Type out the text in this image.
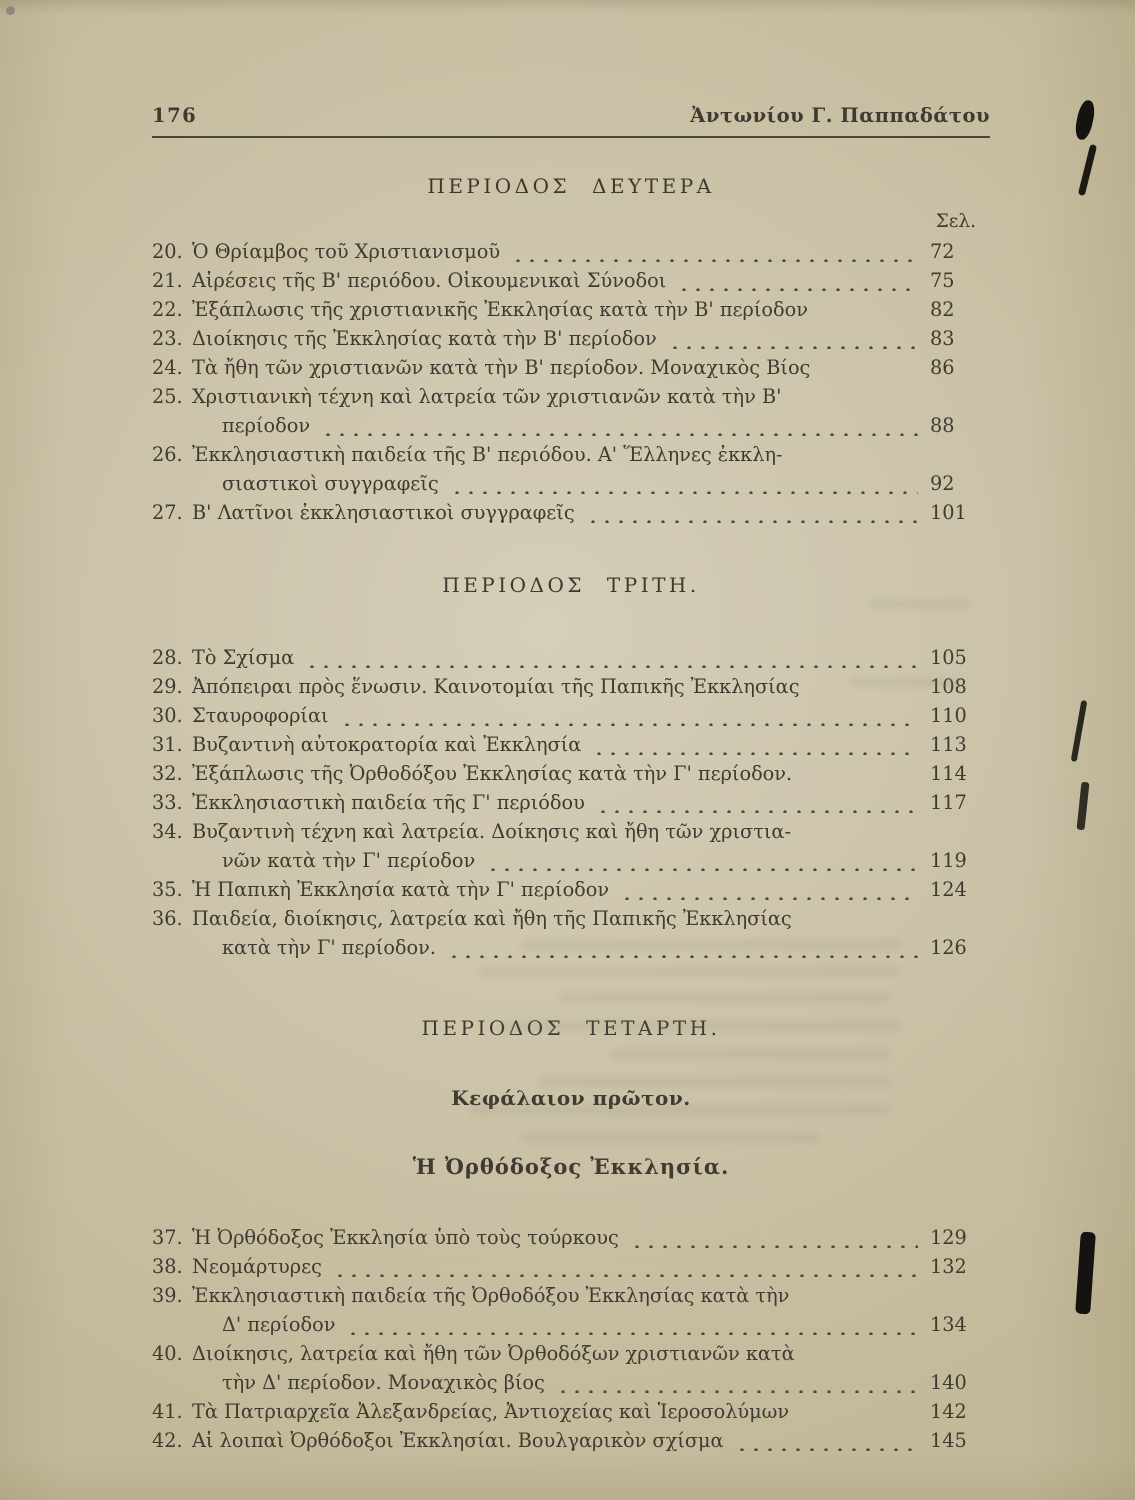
176	Ἀντωνίου Γ. Παππαδάτου
ΠΕΡΙΟΔΟΣ ΔΕΥΤΕΡΑ
Σελ.
20. Ὁ Θρίαμβος τοῦ Χριστιανισμοῦ	72
21. Αἱρέσεις τῆς Β' περιόδου. Οἰκουμενικαὶ Σύνοδοι	75
22. Ἐξάπλωσις τῆς χριστιανικῆς Ἐκκλησίας κατὰ τὴν Β' περίοδον	82
23. Διοίκησις τῆς Ἐκκλησίας κατὰ τὴν Β' περίοδον	83
24. Τὰ ἤθη τῶν χριστιανῶν κατὰ τὴν Β' περίοδον. Μοναχικὸς Βίος	86
25. Χριστιανικὴ τέχνη καὶ λατρεία τῶν χριστιανῶν κατὰ τὴν Β'
περίοδον	88
26. Ἐκκλησιαστικὴ παιδεία τῆς Β' περιόδου. Α' Ἕλληνες ἐκκλη-
σιαστικοὶ συγγραφεῖς	92
27. Β' Λατῖνοι ἐκκλησιαστικοὶ συγγραφεῖς	101
ΠΕΡΙΟΔΟΣ ΤΡΙΤΗ.
28. Τὸ Σχίσμα	105
29. Ἀπόπειραι πρὸς ἕνωσιν. Καινοτομίαι τῆς Παπικῆς Ἐκκλησίας	108
30. Σταυροφορίαι	110
31. Βυζαντινὴ αὐτοκρατορία καὶ Ἐκκλησία	113
32. Ἐξάπλωσις τῆς Ὀρθοδόξου Ἐκκλησίας κατὰ τὴν Γ' περίοδον.	114
33. Ἐκκλησιαστικὴ παιδεία τῆς Γ' περιόδου	117
34. Βυζαντινὴ τέχνη καὶ λατρεία. Δοίκησις καὶ ἤθη τῶν χριστια-
νῶν κατὰ τὴν Γ' περίοδον	119
35. Ἡ Παπικὴ Ἐκκλησία κατὰ τὴν Γ' περίοδον	124
36. Παιδεία, διοίκησις, λατρεία καὶ ἤθη τῆς Παπικῆς Ἐκκλησίας
κατὰ τὴν Γ' περίοδον.	126
ΠΕΡΙΟΔΟΣ ΤΕΤΑΡΤΗ.
Κεφάλαιον πρῶτον.
Ἡ Ὀρθόδοξος Ἐκκλησία.
37. Ἡ Ὀρθόδοξος Ἐκκλησία ὑπὸ τοὺς τούρκους	129
38. Νεομάρτυρες	132
39. Ἐκκλησιαστικὴ παιδεία τῆς Ὀρθοδόξου Ἐκκλησίας κατὰ τὴν
Δ' περίοδον	134
40. Διοίκησις, λατρεία καὶ ἤθη τῶν Ὀρθοδόξων χριστιανῶν κατὰ
τὴν Δ' περίοδον. Μοναχικὸς βίος	140
41. Τὰ Πατριαρχεῖα Ἀλεξανδρείας, Ἀντιοχείας καὶ Ἱεροσολύμων	142
42. Αἱ λοιπαὶ Ὀρθόδοξοι Ἐκκλησίαι. Βουλγαρικὸν σχίσμα	145
